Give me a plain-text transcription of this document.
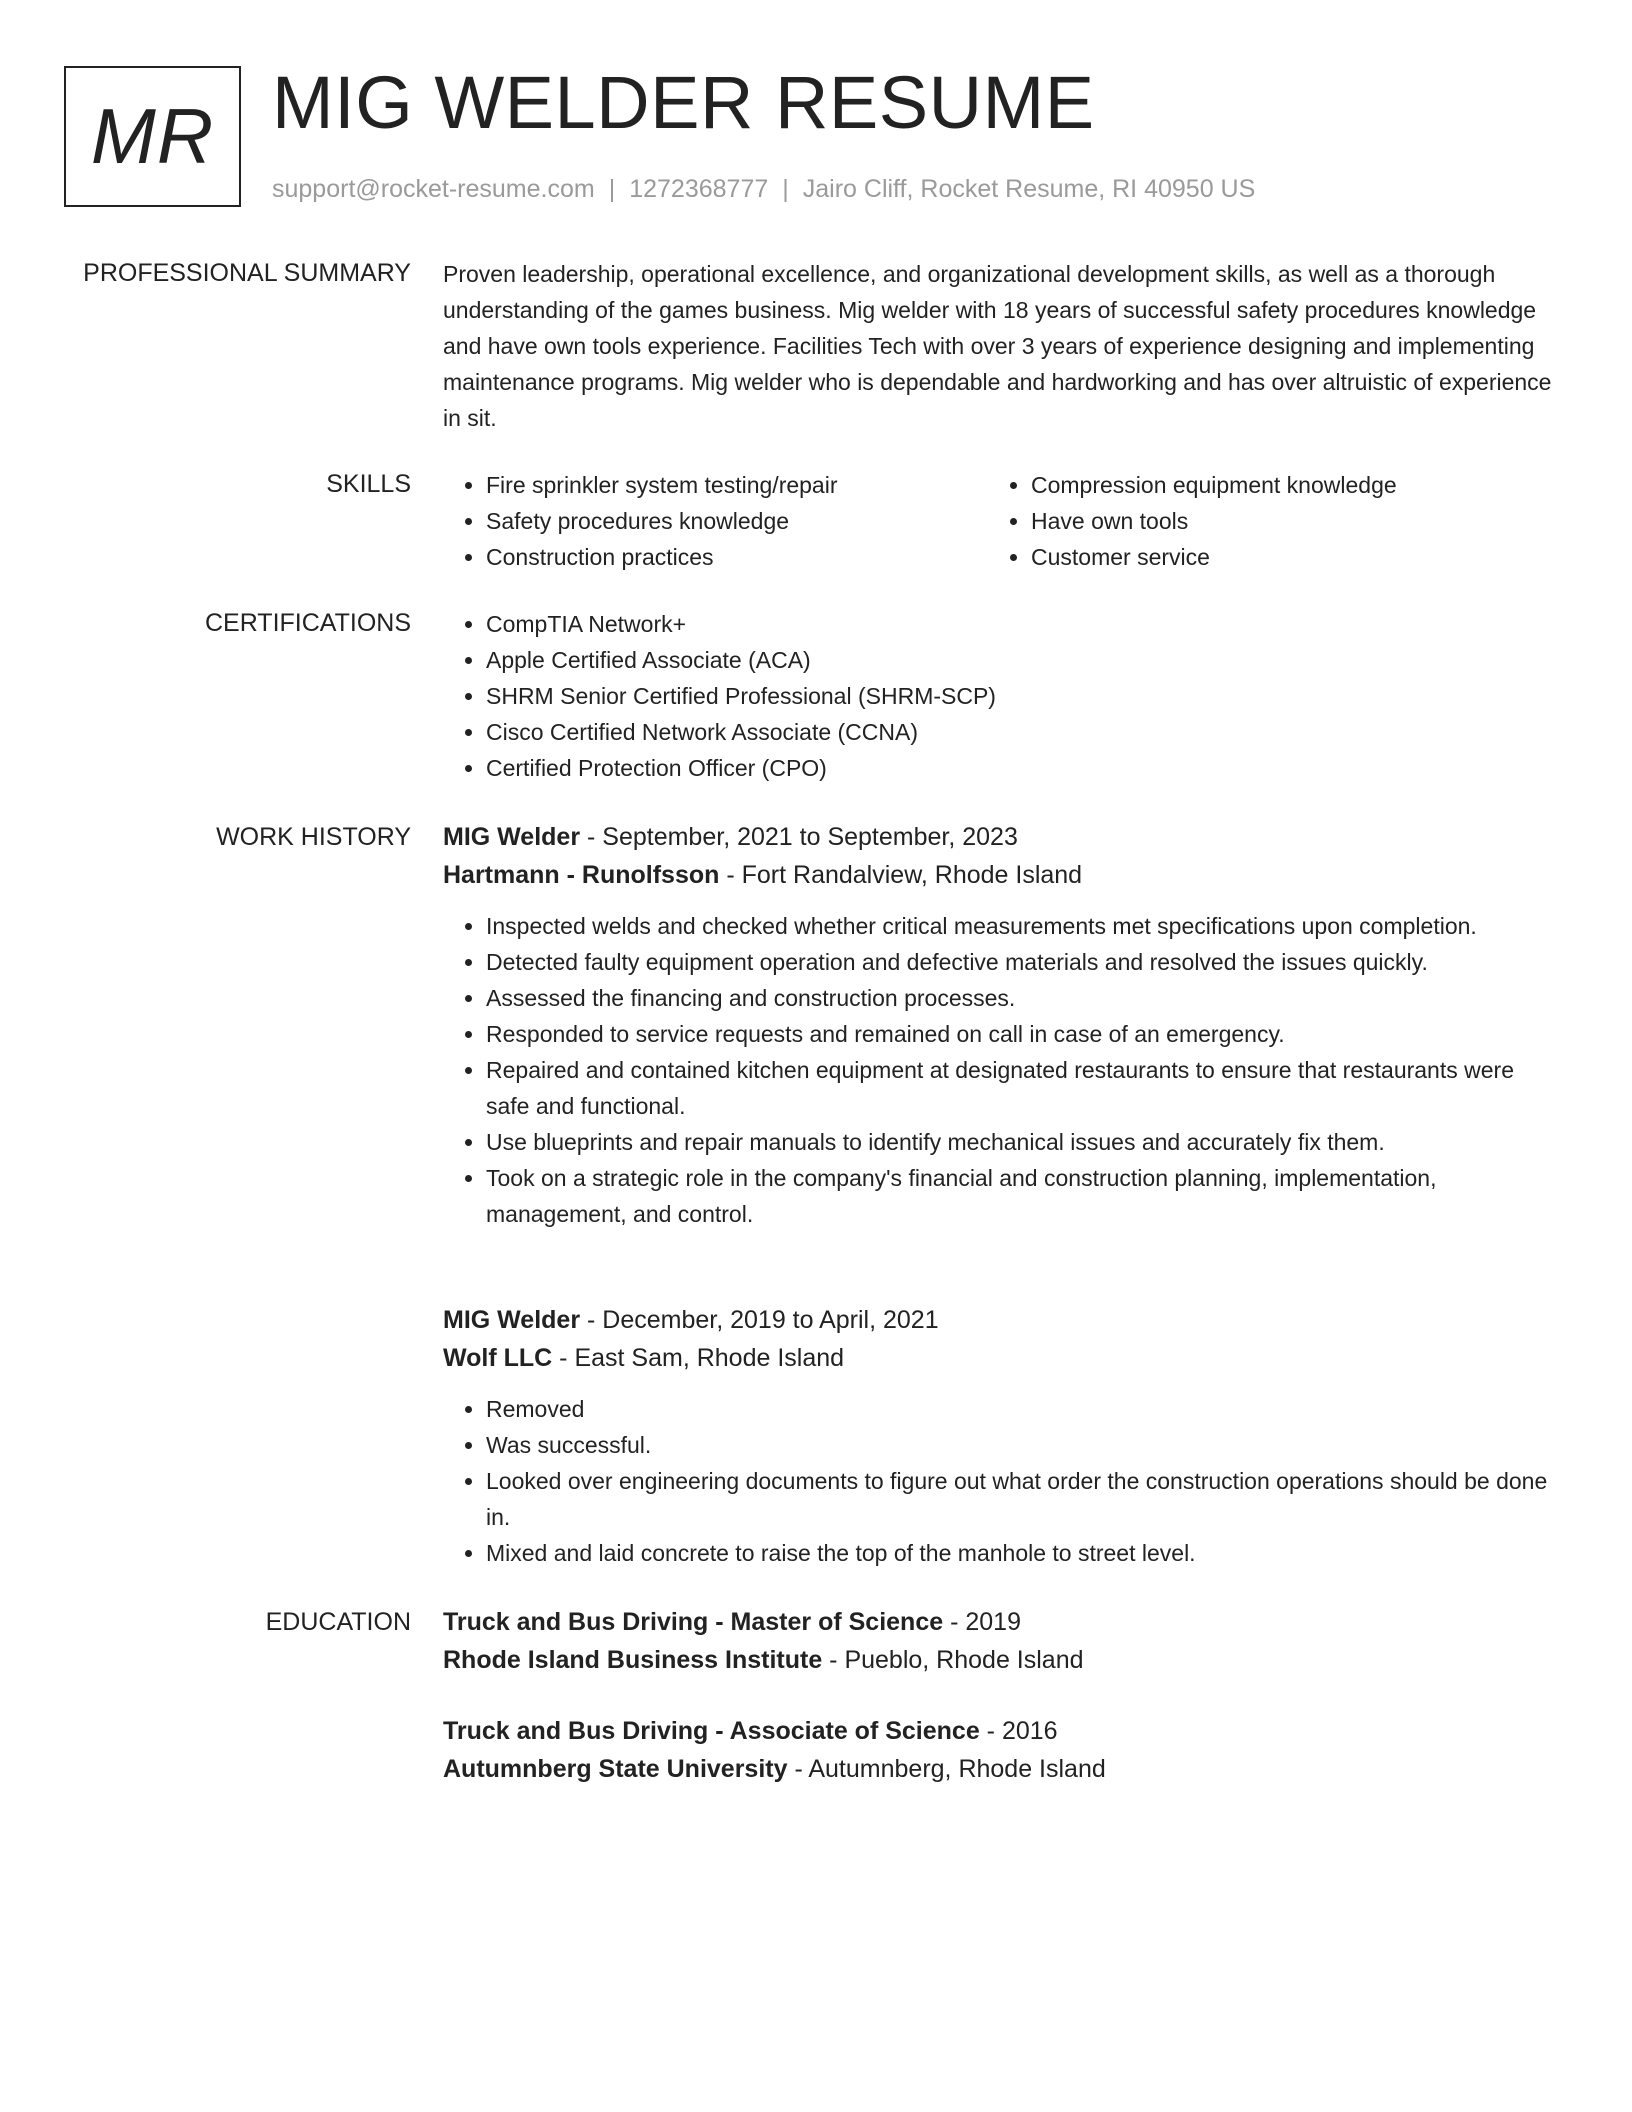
MR MIG WELDER RESUME
support@rocket-resume.com | 1272368777 | Jairo Cliff, Rocket Resume, RI 40950 US
PROFESSIONAL SUMMARY Proven leadership, operational excellence, and organizational development skills, as well as a thorough understanding of the games business. Mig welder with 18 years of successful safety procedures knowledge and have own tools experience. Facilities Tech with over 3 years of experience designing and implementing maintenance programs. Mig welder who is dependable and hardworking and has over altruistic of experience in sit.

SKILLS	• Fire sprinkler system testing/repair
• Safety procedures knowledge
• Construction practices
• Compression equipment knowledge
• Have own tools
• Customer service
CERTIFICATIONS	• CompTIA Network+
• Apple Certified Associate (ACA)
• SHRM Senior Certified Professional (SHRM-SCP)
• Cisco Certified Network Associate (CCNA)
• Certified Protection Officer (CPO)
WORK HISTORY MIG Welder - September, 2021 to September, 2023
Hartmann - Runolfsson - Fort Randalview, Rhode Island
• Inspected welds and checked whether critical measurements met specifications upon completion.
• Detected faulty equipment operation and defective materials and resolved the issues quickly.
• Assessed the financing and construction processes.
• Responded to service requests and remained on call in case of an emergency.
• Repaired and contained kitchen equipment at designated restaurants to ensure that restaurants were safe and functional.
• Use blueprints and repair manuals to identify mechanical issues and accurately fix them.
• Took on a strategic role in the company's financial and construction planning, implementation, management, and control.
MIG Welder - December, 2019 to April, 2021
Wolf LLC - East Sam, Rhode Island
• Removed
• Was successful.
• Looked over engineering documents to figure out what order the construction operations should be done in.
• Mixed and laid concrete to raise the top of the manhole to street level.
EDUCATION Truck and Bus Driving - Master of Science - 2019
Rhode Island Business Institute - Pueblo, Rhode Island
Truck and Bus Driving - Associate of Science - 2016
Autumnberg State University - Autumnberg, Rhode Island
